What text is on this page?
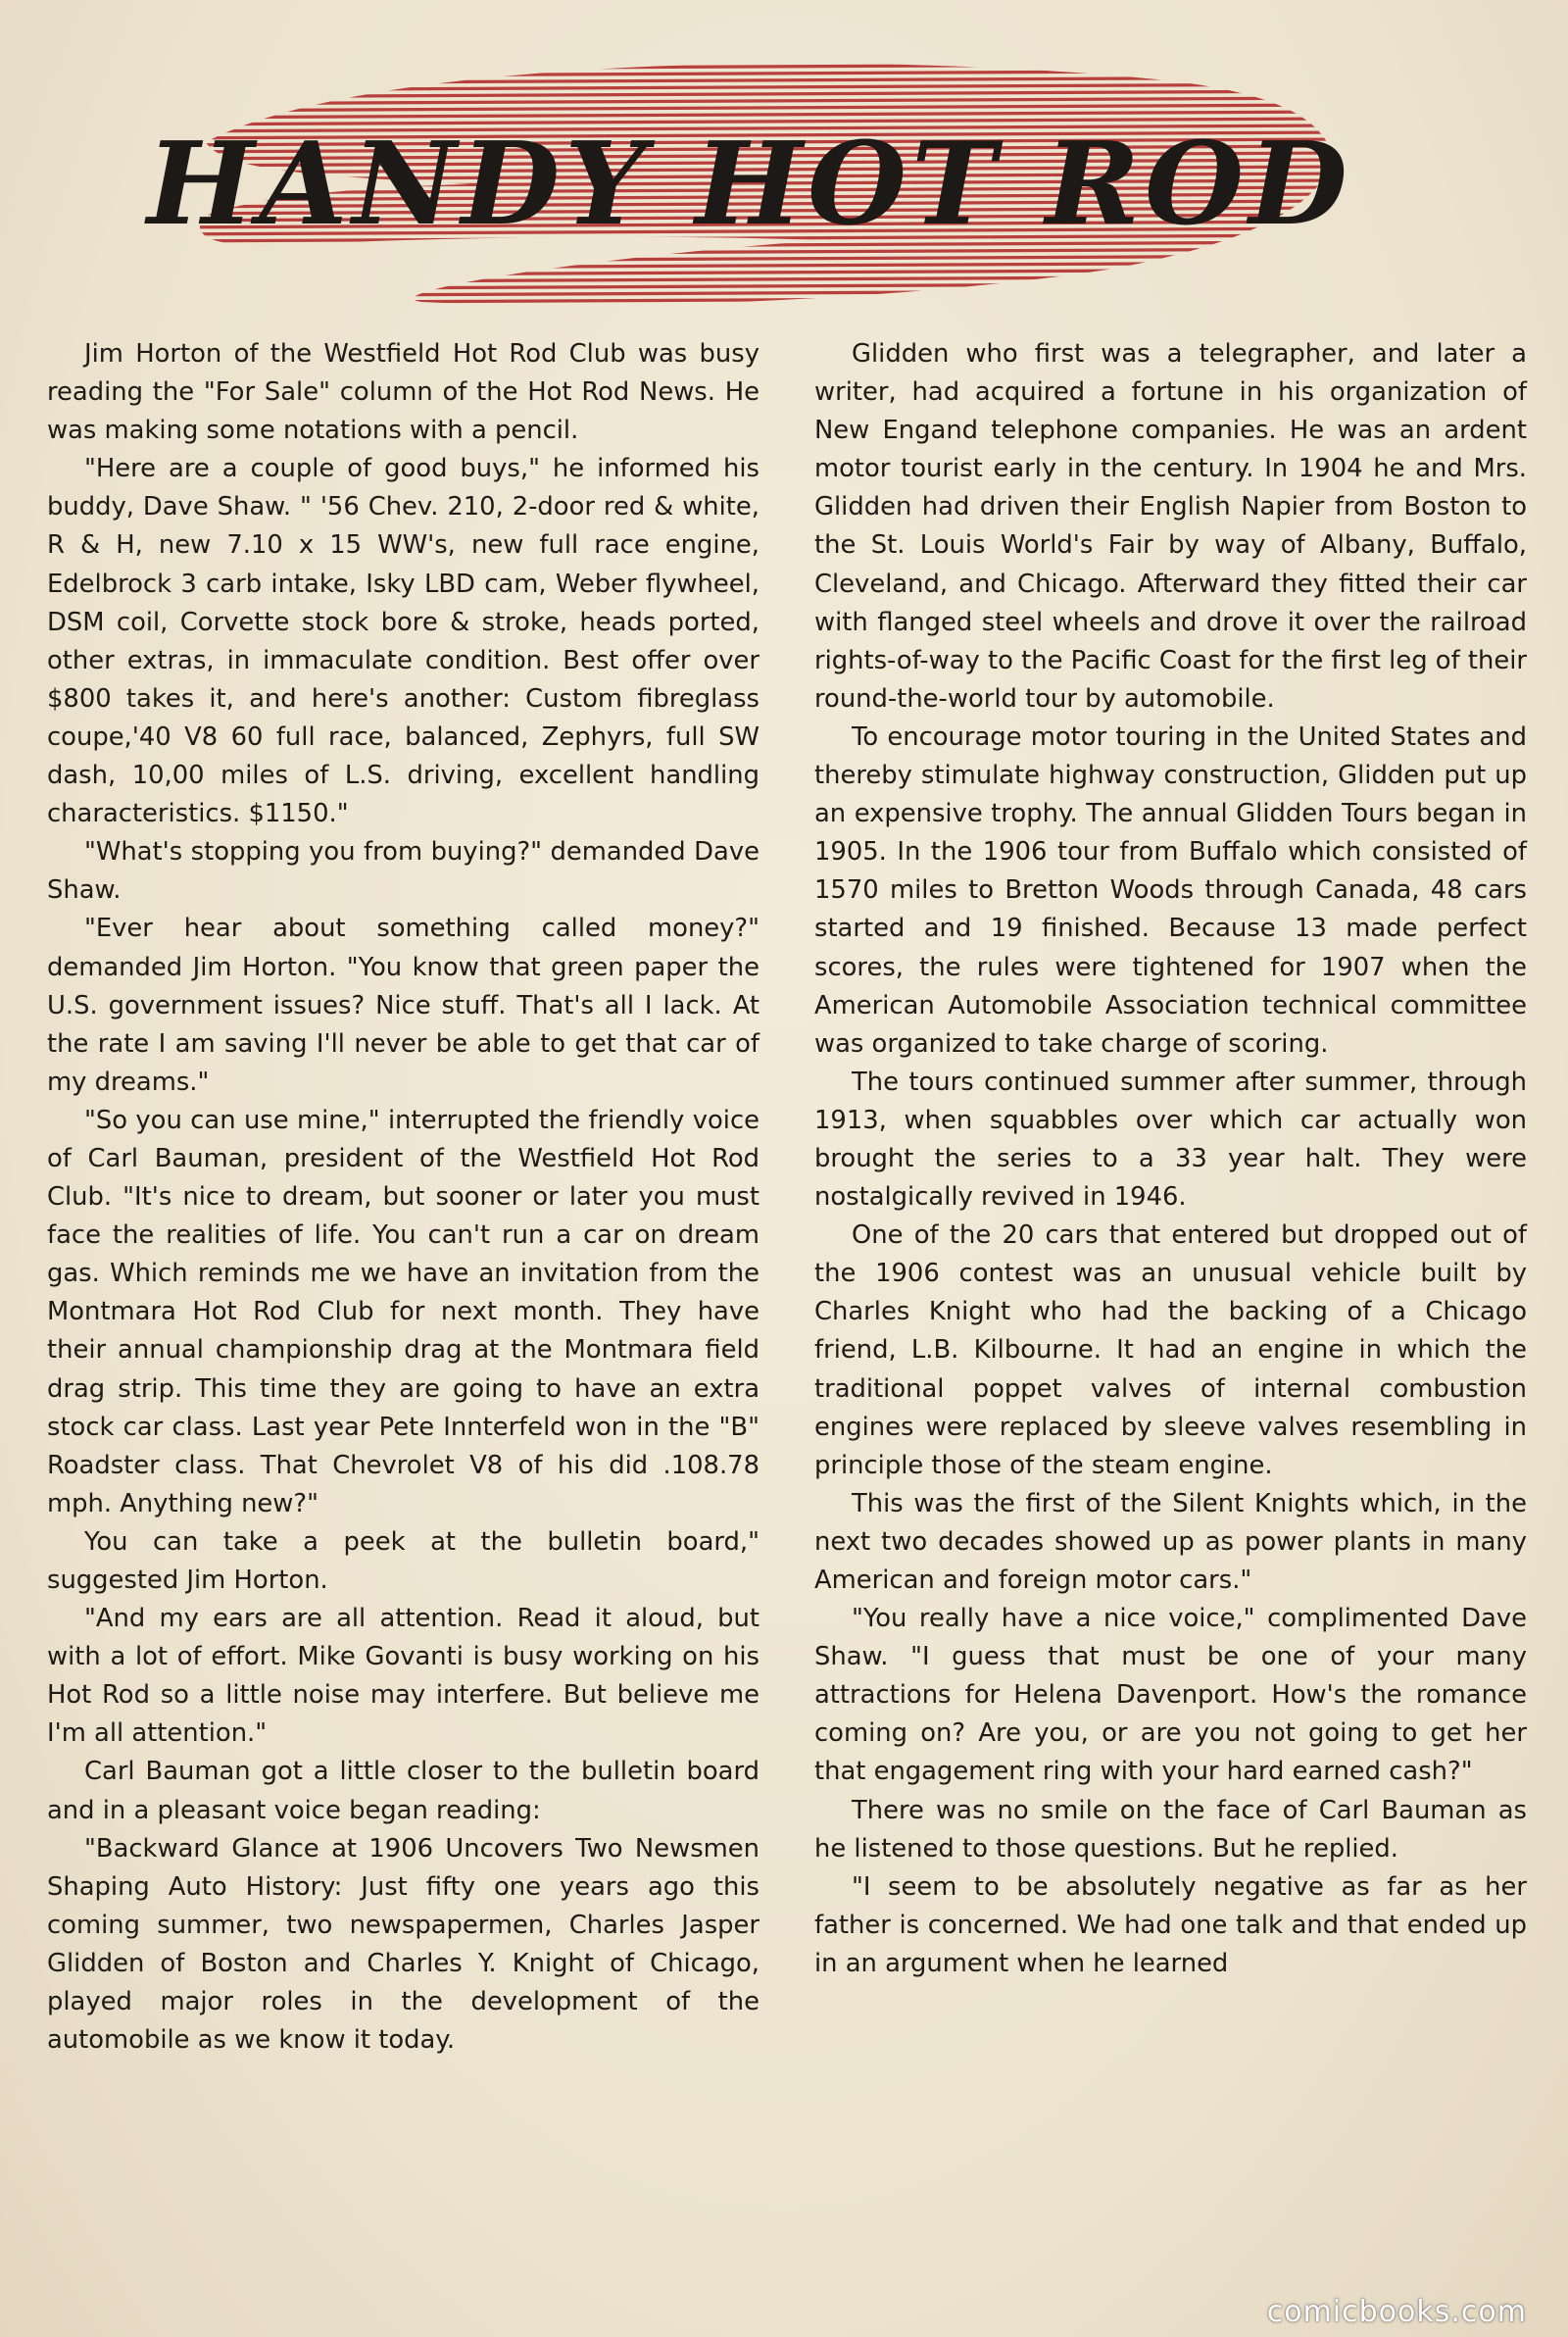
HANDY HOT ROD

Jim Horton of the Westfield Hot Rod Club was busy reading the "For Sale" column of the Hot Rod News. He was making some notations with a pencil.

"Here are a couple of good buys," he informed his buddy, Dave Shaw. " '56 Chev. 210, 2-door red & white, R & H, new 7.10 x 15 WW's, new full race engine, Edelbrock 3 carb intake, Isky LBD cam, Weber flywheel, DSM coil, Corvette stock bore & stroke, heads ported, other extras, in immaculate condition. Best offer over $800 takes it, and here's another: Custom fibreglass coupe,'40 V8 60 full race, balanced, Zephyrs, full SW dash, 10,00 miles of L.S. driving, excellent handling characteristics. $1150."

"What's stopping you from buying?" demanded Dave Shaw.

"Ever hear about something called money?" demanded Jim Horton. "You know that green paper the U.S. government issues? Nice stuff. That's all I lack. At the rate I am saving I'll never be able to get that car of my dreams."

"So you can use mine," interrupted the friendly voice of Carl Bauman, president of the Westfield Hot Rod Club. "It's nice to dream, but sooner or later you must face the realities of life. You can't run a car on dream gas. Which reminds me we have an invitation from the Montmara Hot Rod Club for next month. They have their annual championship drag at the Montmara field drag strip. This time they are going to have an extra stock car class. Last year Pete Innterfeld won in the "B" Roadster class. That Chevrolet V8 of his did .108.78 mph. Anything new?"

You can take a peek at the bulletin board," suggested Jim Horton.

"And my ears are all attention. Read it aloud, but with a lot of effort. Mike Govanti is busy working on his Hot Rod so a little noise may interfere. But believe me I'm all attention."

Carl Bauman got a little closer to the bulletin board and in a pleasant voice began reading:

"Backward Glance at 1906 Uncovers Two Newsmen Shaping Auto History: Just fifty one years ago this coming summer, two newspapermen, Charles Jasper Glidden of Boston and Charles Y. Knight of Chicago, played major roles in the development of the automobile as we know it today.

Glidden who first was a telegrapher, and later a writer, had acquired a fortune in his organization of New Engand telephone companies. He was an ardent motor tourist early in the century. In 1904 he and Mrs. Glidden had driven their English Napier from Boston to the St. Louis World's Fair by way of Albany, Buffalo, Cleveland, and Chicago. Afterward they fitted their car with flanged steel wheels and drove it over the railroad rights-of-way to the Pacific Coast for the first leg of their round-the-world tour by automobile.

To encourage motor touring in the United States and thereby stimulate highway construction, Glidden put up an expensive trophy. The annual Glidden Tours began in 1905. In the 1906 tour from Buffalo which consisted of 1570 miles to Bretton Woods through Canada, 48 cars started and 19 finished. Because 13 made perfect scores, the rules were tightened for 1907 when the American Automobile Association technical committee was organized to take charge of scoring.

The tours continued summer after summer, through 1913, when squabbles over which car actually won brought the series to a 33 year halt. They were nostalgically revived in 1946.

One of the 20 cars that entered but dropped out of the 1906 contest was an unusual vehicle built by Charles Knight who had the backing of a Chicago friend, L.B. Kilbourne. It had an engine in which the traditional poppet valves of internal combustion engines were replaced by sleeve valves resembling in principle those of the steam engine.

This was the first of the Silent Knights which, in the next two decades showed up as power plants in many American and foreign motor cars."

"You really have a nice voice," complimented Dave Shaw. "I guess that must be one of your many attractions for Helena Davenport. How's the romance coming on? Are you, or are you not going to get her that engagement ring with your hard earned cash?"

There was no smile on the face of Carl Bauman as he listened to those questions. But he replied.

"I seem to be absolutely negative as far as her father is concerned. We had one talk and that ended up in an argument when he learned

comicbooks.com
